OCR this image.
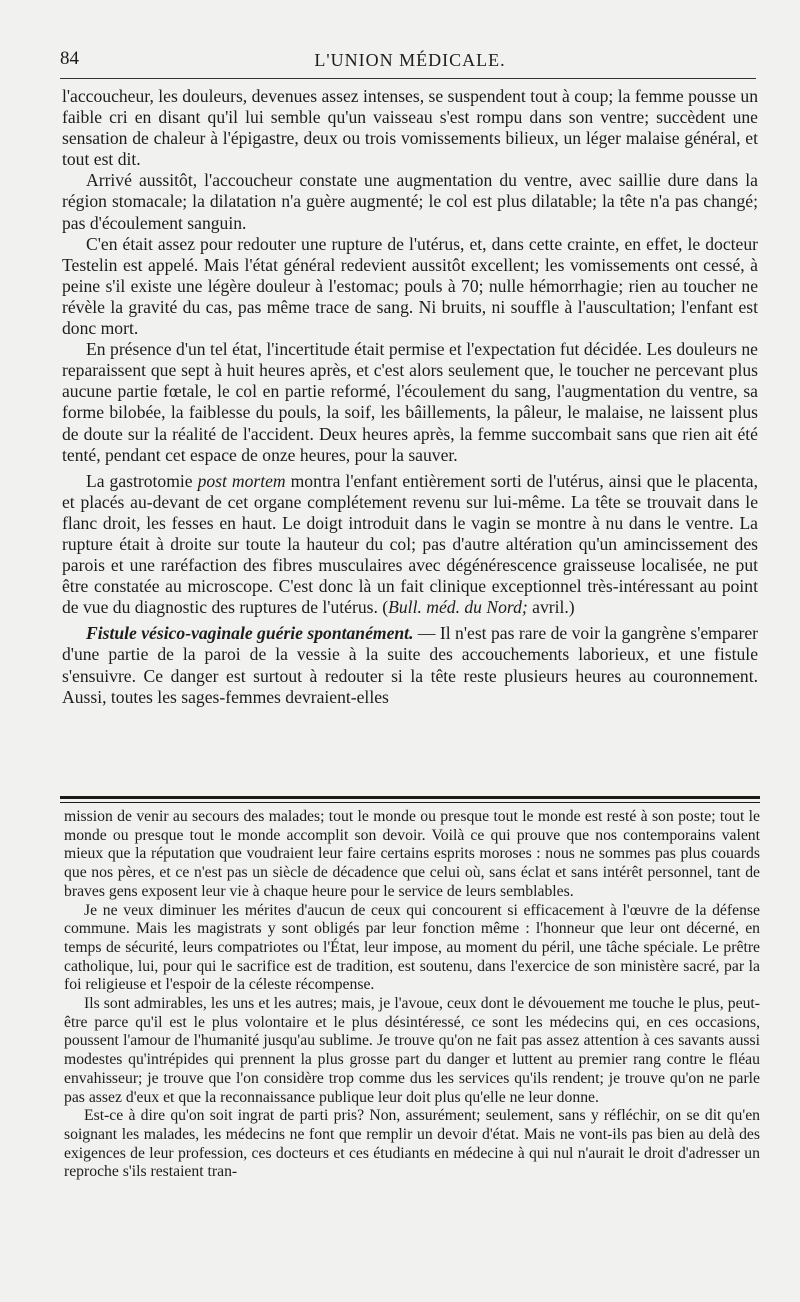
84	L'UNION MÉDICALE.

l'accoucheur, les douleurs, devenues assez intenses, se suspendent tout à coup; la femme pousse un faible cri en disant qu'il lui semble qu'un vaisseau s'est rompu dans son ventre; succèdent une sensation de chaleur à l'épigastre, deux ou trois vomissements bilieux, un léger malaise général, et tout est dit.

Arrivé aussitôt, l'accoucheur constate une augmentation du ventre, avec saillie dure dans la région stomacale; la dilatation n'a guère augmenté; le col est plus dilatable; la tête n'a pas changé; pas d'écoulement sanguin.

C'en était assez pour redouter une rupture de l'utérus, et, dans cette crainte, en effet, le docteur Testelin est appelé. Mais l'état général redevient aussitôt excellent; les vomissements ont cessé, à peine s'il existe une légère douleur à l'estomac; pouls à 70; nulle hémorrhagie; rien au toucher ne révèle la gravité du cas, pas même trace de sang. Ni bruits, ni souffle à l'auscultation; l'enfant est donc mort.

En présence d'un tel état, l'incertitude était permise et l'expectation fut décidée. Les douleurs ne reparaissent que sept à huit heures après, et c'est alors seulement que, le toucher ne percevant plus aucune partie fœtale, le col en partie reformé, l'écoulement du sang, l'augmentation du ventre, sa forme bilobée, la faiblesse du pouls, la soif, les bâillements, la pâleur, le malaise, ne laissent plus de doute sur la réalité de l'accident. Deux heures après, la femme succombait sans que rien ait été tenté, pendant cet espace de onze heures, pour la sauver.

La gastrotomie post mortem montra l'enfant entièrement sorti de l'utérus, ainsi que le placenta, et placés au-devant de cet organe complétement revenu sur lui-même. La tête se trouvait dans le flanc droit, les fesses en haut. Le doigt introduit dans le vagin se montre à nu dans le ventre. La rupture était à droite sur toute la hauteur du col; pas d'autre altération qu'un amincissement des parois et une raréfaction des fibres musculaires avec dégénérescence graisseuse localisée, ne put être constatée au microscope. C'est donc là un fait clinique exceptionnel très-intéressant au point de vue du diagnostic des ruptures de l'utérus. (Bull. méd. du Nord; avril.)

Fistule vésico-vaginale guérie spontanément. — Il n'est pas rare de voir la gangrène s'emparer d'une partie de la paroi de la vessie à la suite des accouchements laborieux, et une fistule s'ensuivre. Ce danger est surtout à redouter si la tête reste plusieurs heures au couronnement. Aussi, toutes les sages-femmes devraient-elles

mission de venir au secours des malades; tout le monde ou presque tout le monde est resté à son poste; tout le monde ou presque tout le monde accomplit son devoir. Voilà ce qui prouve que nos contemporains valent mieux que la réputation que voudraient leur faire certains esprits moroses : nous ne sommes pas plus couards que nos pères, et ce n'est pas un siècle de décadence que celui où, sans éclat et sans intérêt personnel, tant de braves gens exposent leur vie à chaque heure pour le service de leurs semblables.

Je ne veux diminuer les mérites d'aucun de ceux qui concourent si efficacement à l'œuvre de la défense commune. Mais les magistrats y sont obligés par leur fonction même : l'honneur que leur ont décerné, en temps de sécurité, leurs compatriotes ou l'État, leur impose, au moment du péril, une tâche spéciale. Le prêtre catholique, lui, pour qui le sacrifice est de tradition, est soutenu, dans l'exercice de son ministère sacré, par la foi religieuse et l'espoir de la céleste récompense.

Ils sont admirables, les uns et les autres; mais, je l'avoue, ceux dont le dévouement me touche le plus, peut-être parce qu'il est le plus volontaire et le plus désintéressé, ce sont les médecins qui, en ces occasions, poussent l'amour de l'humanité jusqu'au sublime. Je trouve qu'on ne fait pas assez attention à ces savants aussi modestes qu'intrépides qui prennent la plus grosse part du danger et luttent au premier rang contre le fléau envahisseur; je trouve que l'on considère trop comme dus les services qu'ils rendent; je trouve qu'on ne parle pas assez d'eux et que la reconnaissance publique leur doit plus qu'elle ne leur donne.

Est-ce à dire qu'on soit ingrat de parti pris? Non, assurément; seulement, sans y réfléchir, on se dit qu'en soignant les malades, les médecins ne font que remplir un devoir d'état. Mais ne vont-ils pas bien au delà des exigences de leur profession, ces docteurs et ces étudiants en médecine à qui nul n'aurait le droit d'adresser un reproche s'ils restaient tran-
